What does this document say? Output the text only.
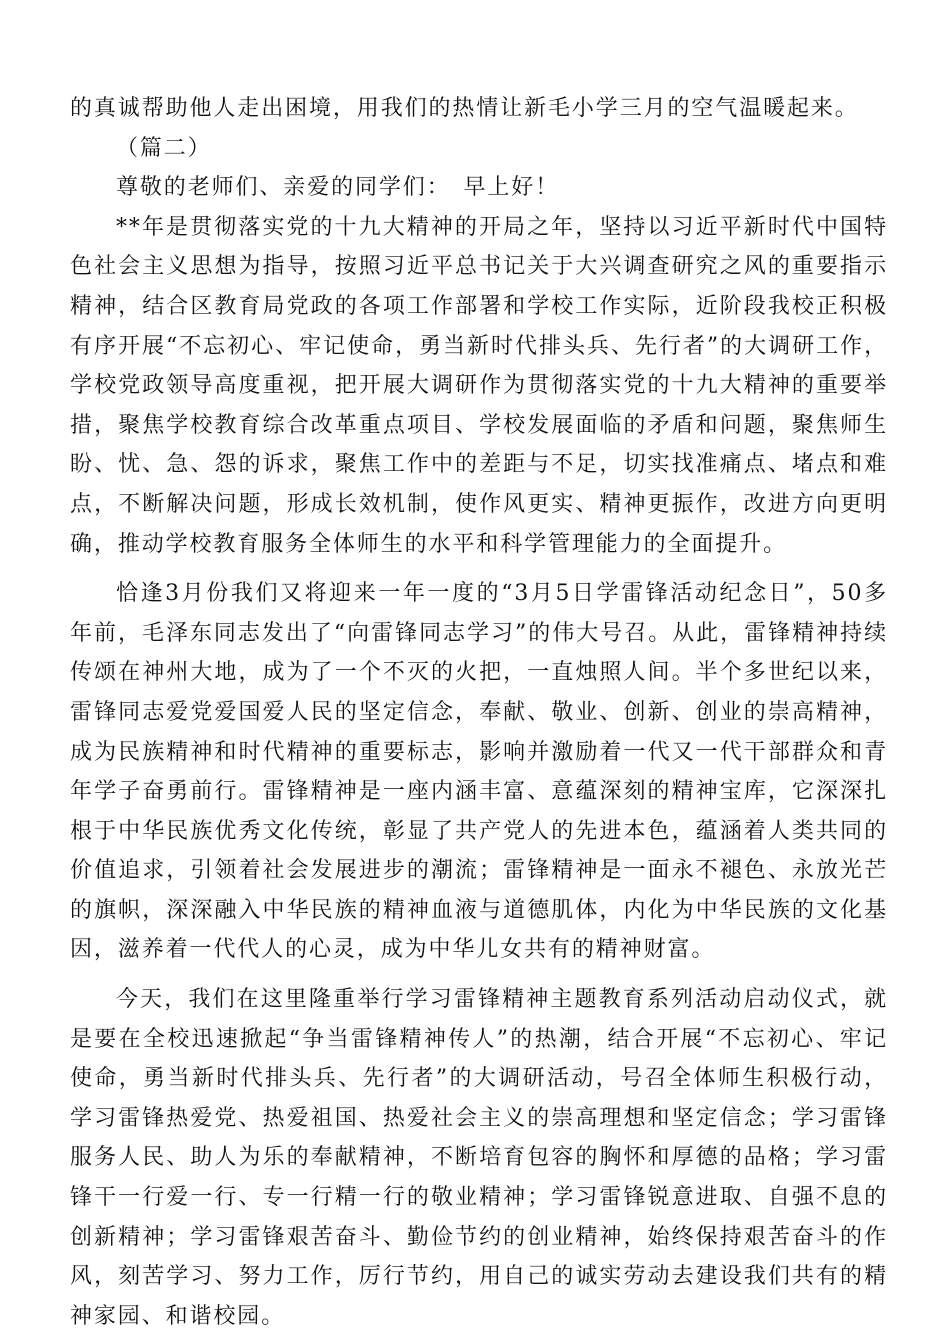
的真诚帮助他人走出困境，用我们的热情让新毛小学三月的空气温暖起来。

（篇二）

尊敬的老师们、亲爱的同学们：　早上好！

**年是贯彻落实党的十九大精神的开局之年，坚持以习近平新时代中国特色社会主义思想为指导，按照习近平总书记关于大兴调查研究之风的重要指示精神，结合区教育局党政的各项工作部署和学校工作实际，近阶段我校正积极有序开展“不忘初心、牢记使命，勇当新时代排头兵、先行者”的大调研工作，学校党政领导高度重视，把开展大调研作为贯彻落实党的十九大精神的重要举措，聚焦学校教育综合改革重点项目、学校发展面临的矛盾和问题，聚焦师生盼、忧、急、怨的诉求，聚焦工作中的差距与不足，切实找准痛点、堵点和难点，不断解决问题，形成长效机制，使作风更实、精神更振作，改进方向更明确，推动学校教育服务全体师生的水平和科学管理能力的全面提升。

恰逢3月份我们又将迎来一年一度的“3月5日学雷锋活动纪念日”，50多年前，毛泽东同志发出了“向雷锋同志学习”的伟大号召。从此，雷锋精神持续传颂在神州大地，成为了一个不灭的火把，一直烛照人间。半个多世纪以来，雷锋同志爱党爱国爱人民的坚定信念，奉献、敬业、创新、创业的崇高精神，成为民族精神和时代精神的重要标志，影响并激励着一代又一代干部群众和青年学子奋勇前行。雷锋精神是一座内涵丰富、意蕴深刻的精神宝库，它深深扎根于中华民族优秀文化传统，彰显了共产党人的先进本色，蕴涵着人类共同的价值追求，引领着社会发展进步的潮流；雷锋精神是一面永不褪色、永放光芒的旗帜，深深融入中华民族的精神血液与道德肌体，内化为中华民族的文化基因，滋养着一代代人的心灵，成为中华儿女共有的精神财富。

今天，我们在这里隆重举行学习雷锋精神主题教育系列活动启动仪式，就是要在全校迅速掀起“争当雷锋精神传人”的热潮，结合开展“不忘初心、牢记使命，勇当新时代排头兵、先行者”的大调研活动，号召全体师生积极行动，学习雷锋热爱党、热爱祖国、热爱社会主义的崇高理想和坚定信念；学习雷锋服务人民、助人为乐的奉献精神，不断培育包容的胸怀和厚德的品格；学习雷锋干一行爱一行、专一行精一行的敬业精神；学习雷锋锐意进取、自强不息的创新精神；学习雷锋艰苦奋斗、勤俭节约的创业精神，始终保持艰苦奋斗的作风，刻苦学习、努力工作，厉行节约，用自己的诚实劳动去建设我们共有的精神家园、和谐校园。
